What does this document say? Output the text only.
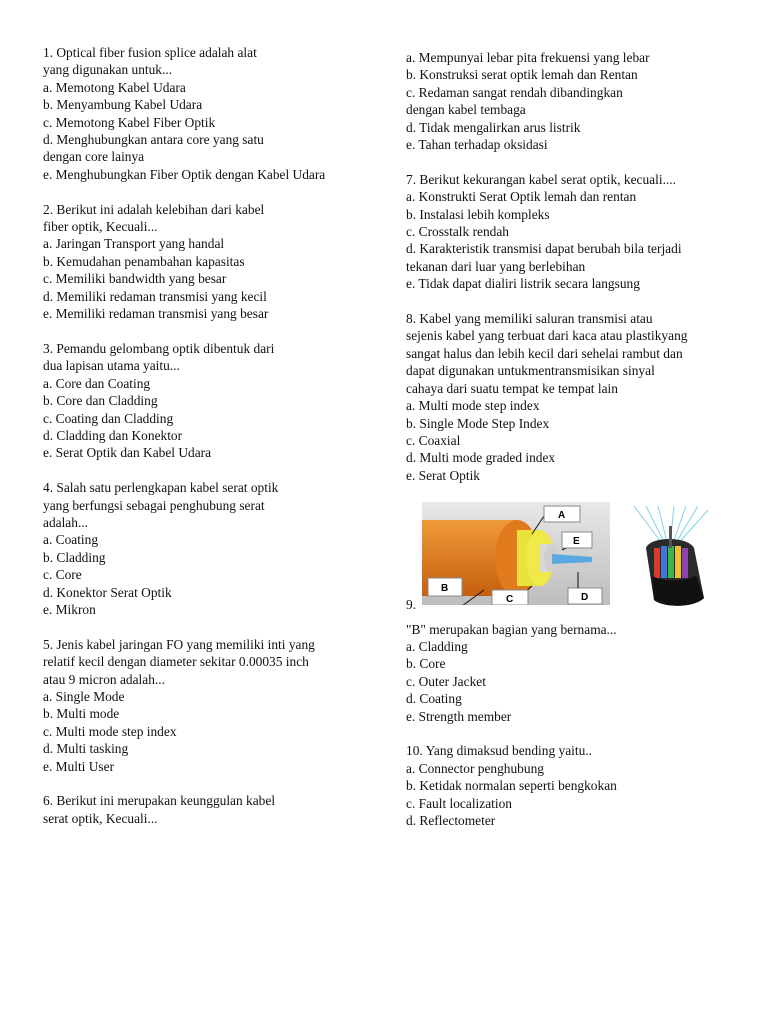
1. Optical fiber fusion splice adalah alat
yang digunakan untuk...
a. Memotong Kabel Udara
b. Menyambung Kabel Udara
c. Memotong Kabel Fiber Optik
d. Menghubungkan antara core yang satu
dengan core lainya
e. Menghubungkan Fiber Optik dengan Kabel Udara
2. Berikut ini adalah kelebihan dari kabel
fiber optik, Kecuali...
a. Jaringan Transport yang handal
b. Kemudahan penambahan kapasitas
c. Memiliki bandwidth yang besar
d. Memiliki redaman transmisi yang kecil
e. Memiliki redaman transmisi yang besar
3. Pemandu gelombang optik dibentuk dari
dua lapisan utama yaitu...
a. Core dan Coating
b. Core dan Cladding
c. Coating dan Cladding
d. Cladding dan Konektor
e. Serat Optik dan Kabel Udara
4. Salah satu perlengkapan kabel serat optik
yang berfungsi sebagai penghubung serat
adalah...
a. Coating
b. Cladding
c. Core
d. Konektor Serat Optik
e. Mikron
5. Jenis kabel jaringan FO yang memiliki inti yang
relatif kecil dengan diameter sekitar 0.00035 inch
atau 9 micron adalah...
a. Single Mode
b. Multi mode
c. Multi mode step index
d. Multi tasking
e. Multi User
6. Berikut ini merupakan keunggulan kabel
serat optik, Kecuali...
a. Mempunyai lebar pita frekuensi yang lebar
b. Konstruksi serat optik lemah dan Rentan
c. Redaman sangat rendah dibandingkan
dengan kabel tembaga
d. Tidak mengalirkan arus listrik
e. Tahan terhadap oksidasi
7. Berikut kekurangan kabel serat optik, kecuali....
a. Konstrukti Serat Optik lemah dan rentan
b. Instalasi lebih kompleks
c. Crosstalk rendah
d. Karakteristik transmisi dapat berubah bila terjadi
tekanan dari luar yang berlebihan
e. Tidak dapat dialiri listrik secara langsung
8. Kabel yang memiliki saluran transmisi atau
sejenis kabel yang terbuat dari kaca atau plastikyang
sangat halus dan lebih kecil dari sehelai rambut dan
dapat digunakan untukmentransmisikan sinyal
cahaya dari suatu tempat ke tempat lain
a. Multi mode step index
b. Single Mode Step Index
c. Coaxial
d. Multi mode graded index
e. Serat Optik
A
E
B
C	D
9.
"B" merupakan bagian yang bernama...
a. Cladding
b. Core
c. Outer Jacket
d. Coating
e. Strength member
10. Yang dimaksud bending yaitu..
a. Connector penghubung
b. Ketidak normalan seperti bengkokan
c. Fault localization
d. Reflectometer
